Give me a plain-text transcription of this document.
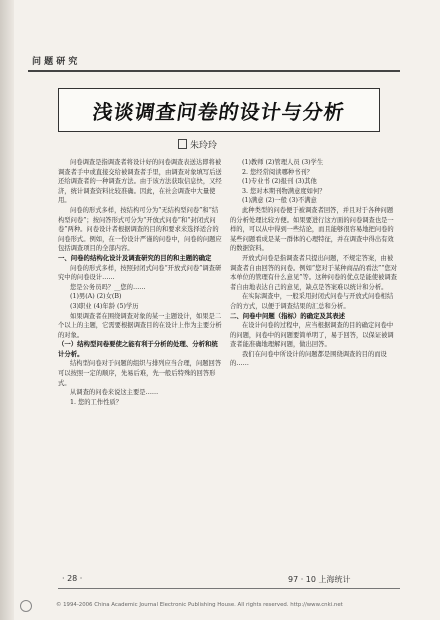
问 题 研 究
浅谈调查问卷的设计与分析
朱玲玲

问卷调查是指调查者将设计好的问卷调查表送达即将被调查者手中或直接交给被调查者手里，由调查对象填写后送还给调查者的一种调查方法。由于该方法获取信息快，又经济，统计调查资料比较准确。因此，在社会调查中大量使用。

问卷的形式多样，按结构可分为“无结构型问卷”和“结构型问卷”；按问答形式可分为“开放式问卷”和“封闭式问卷”两种。问卷设计者根据调查的目的和要求来选择适合的问卷形式。例如，在一份设计严谨的问卷中，问卷的问题应包括调查项目的全部内容。

一、问卷的结构化设计及调查研究的目的和主题的确定

问卷的形式多样，按照封闭式问卷“开放式问卷”调查研究中的问卷设计……

您是公务员吗？__您的……

(1)男(A) (2)女(B)

(3)职业 (4)年龄 (5)学历

如果调查者在围绕调查对象的某一主题设计，如果是二个以上的主题，它需要根据调查目的在设计上作为主要分析的对象。

（一）结构型问卷要使之能有利于分析的处理、分析和统计分析。

结构型问卷对于问题的组织与排列应当合理，问题回答可以按照一定的顺序，先易后难，先一般后特殊的回答形式。

从调查的问卷来说这主要是……

1. 您的工作性质？

(1)教师 (2)管理人员 (3)学生

2. 您经常阅读哪种书刊？

(1)专业书 (2)报刊 (3)其他

3. 您对本期刊物满意度如何？

(1)满意 (2)一般 (3)不满意

此种类型的问卷便于被调查者回答，并且对于各种问题的分析处理比较方便。如果要进行这方面的问卷调查也是一样的，可以从中得到一些结论，而且能够很容易地把问卷的某些问题看成是某一群体的心理特征，并在调查中得出有效的数据资料。

开放式问卷是指调查者只提出问题，不规定答案，由被调查者自由回答的问卷。例如“您对于某种商品的看法”“您对本单位的管理有什么意见”等。这种问卷的优点是能使被调查者自由地表达自己的意见，缺点是答案难以统计和分析。

在实际调查中，一般采用封闭式问卷与开放式问卷相结合的方式，以便于调查结果的汇总和分析。

二、问卷中问题（指标）的确定及其表述

在设计问卷的过程中，应当根据调查的目的确定问卷中的问题，问卷中的问题要简单明了，易于回答，以保证被调查者能准确地理解问题，做出回答。

我们在问卷中所设计的问题都是围绕调查的目的而设的……

· 28 ·	97 · 10 上海统计
© 1994-2006 China Academic Journal Electronic Publishing House. All rights reserved. http://www.cnki.net
